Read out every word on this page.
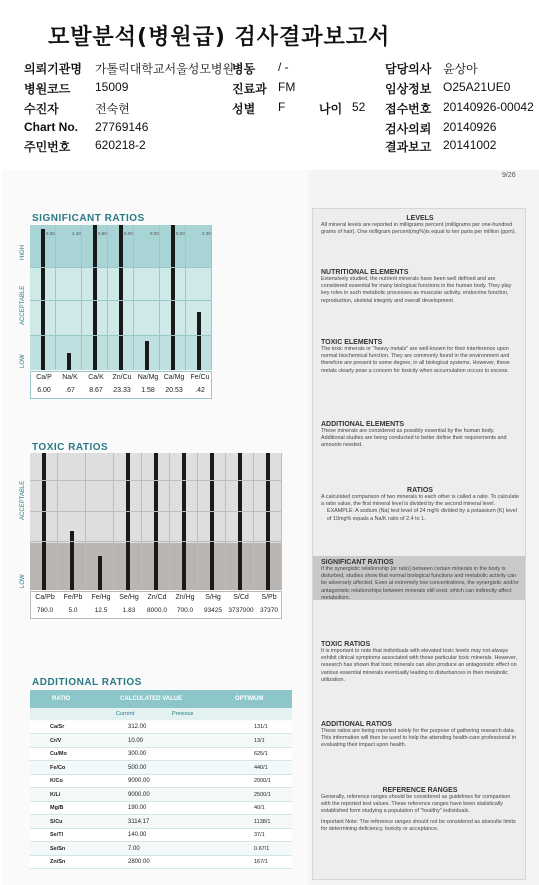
모발분석(병원급) 검사결과보고서
의뢰기관명 가톨릭대학교서울성모병원
병동 / -	담당의사 윤상아
병원코드 15009	진료과 FM	임상정보 O25A21UE0
수진자	전숙현	성별 F	나이 52 접수번호 20140926-00042
Chart No. 27769146	검사의뢰 20140926
주민번호 620218-2	결과보고 20141002
9/26
SIGNIFICANT RATIOS
6.00	4.40	5.80	8.00	8.00	8.00	2.30
HIGH
ACCEPTABLE
LOW
Ca/P
6.00
Na/K
.67
Ca/K
8.67
Zn/Cu
23.33
Na/Mg
1.58
Ca/Mg
20.53
Fe/Cu
.42
TOXIC RATIOS
ACCEPTABLE
LOW
Ca/Pb
780.0
Fe/Pb
5.0
Fe/Hg
12.5
Se/Hg
1.83
Zn/Cd
8000.0
Zn/Hg
700.0
S/Hg
93425
S/Cd
3737000
S/Pb
37370
ADDITIONAL RATIOS
RATIO	CALCULATED VALUE	OPTIMUM
Current	Previous
Ca/Sr	312.00	131/1
Cr/V	10.00	13/1
Cu/Mo	300.00	625/1
Fe/Co	500.00	440/1
K/Co	9000.00	2000/1
K/Li	9000.00	2500/1
Mg/B	190.00	40/1
S/Cu	3114.17	1138/1
Se/Tl	140.00	37/1
Se/Sn	7.00	0.67/1
Zn/Sn	2800.00	167/1
LEVELS

All mineral levels are reported in milligrams percent (milligrams per one-hundred grams of hair). One milligram percent(mg%)is equal to ten parts per million (ppm).

NUTRITIONAL ELEMENTS

Extensively studied, the nutrient minerals have been well defined and are considered essential for many biological functions in the human body. They play key roles in such metabolic processes as muscular activity, endocrine function, reproduction, skeletal integrity and overall development.

TOXIC ELEMENTS

The toxic minerals or "heavy metals" are well-known for their interference upon normal biochemical function. They are commonly found in the environment and therefore are present to some degree, in all biological systems. However, these metals clearly pose a concern for toxicity when accumulation occurs to excess.

ADDITIONAL ELEMENTS

These minerals are considered as possibly essential by the human body. Additional studies are being conducted to better define their requirements and amounts needed.

RATIOS

A calculated comparison of two minerals to each other is called a ratio. To calculate a ratio value, the first mineral level is divided by the second mineral level.

EXAMPLE: A sodium (Na) test level of 24 mg% divided by a potassium (K) level of 10mg% equals a Na/K ratio of 2.4 to 1.

SIGNIFICANT RATIOS

If the synergistic relationship (or ratio) between certain minerals in the body is disturbed, studies show that normal biological functions and metabolic activity can be adversely affected. Even at extremely low concentrations, the synergistic and/or antagonistic relationships between minerals still exist, which can indirectly affect metabolism.

TOXIC RATIOS

It is important to note that individuals with elevated toxic levels may not always exhibit clinical symptoms associated with those particular toxic minerals. However, research has shown that toxic minerals can also produce an antagonistic effect on various essential minerals eventually leading to disturbances in their metabolic utilization.

ADDITIONAL RATIOS

These ratios are being reported solely for the purpose of gathering research data. This information will then be used to help the attending health-care professional in evaluating their impact upon health.

REFERENCE RANGES

Generally, reference ranges should be considered as guidelines for comparison with the reported test values. These reference ranges have been statistically established form studying a population of "healthy" individuals.

Important Note: The reference ranges should not be considered as absoulte limits for determining deficiency, toxicity or acceptance.
